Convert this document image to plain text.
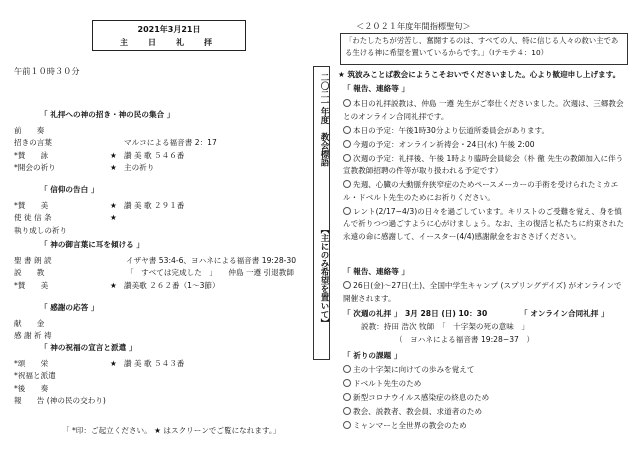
2021年3月21日
主　日　礼　拝
午前１０時３０分
「 礼拝への神の招き・神の民の集合 」
前　　奏
招きの言葉	マルコによる福音書 2：17
*賛　　詠	★ 讃 美 歌 ５４６番
*開会の祈り	★ 主の祈り
「 信仰の告白 」
*賛　　美	★ 讃 美 歌 ２９１番
使 徒 信 条	★
執り成しの祈り
「 神の御言葉に耳を傾ける 」
聖 書 朗 読	イザヤ書 53:4-6、ヨハネによる福音書 19:28-30
説　　教	「　すべては完成した　」　　仲島 一遵 引退教師
*賛　　美	★ 讃美歌 ２６２番（1〜3節）
「 感謝の応答 」
献　　金
感 謝 祈 祷
「 神の祝福の宣言と派遣 」
*頌　　栄	★ 讃 美 歌 ５４３番
*祝福と派遣
*後　　奏
報　　告 (神の民の交わり)
「 *印：ご起立ください。 ★ はスクリーンでご覧になれます。」
二〇二一年度　教会標語
【主にのみ希望を置いて】
＜２０２１年度年間指標聖句＞
「わたしたちが労苦し、奮闘するのは、すべての人、特に信じる人々の救い主である生ける神に希望を置いているからです。」（Ⅰテモテ４：10）
★ 筑波みことば教会にようこそおいでくださいました。心より歓迎申し上げます。
「 報告、連絡等 」
本日の礼拝説教は、仲島 一遵 先生がご奉仕くださいました。次週は、三郷教会とのオンライン合同礼拝です。
本日の予定：午後1時30分より伝道所委員会があります。
今週の予定：オンライン祈祷会・24日(水) 午後 2:00
次週の予定：礼拝後、午後 1時より臨時会員総会（朴 徹 先生の教師加入に伴う宣教教師招聘の件等が取り扱われる予定です）
先週、心臓の大動脈弁狭窄症のためペースメーカーの手術を受けられたミカエル・ドベルト先生のためにお祈りください。
レント(2/17−4/3)の日々を過ごしています。キリストのご受難を覚え、身を慎んで祈りつつ過ごすように心がけましょう。なお、主の復活と私たちに約束された永遠の命に感謝して、イースター(4/4)感謝献金をおささげください。
「 報告、連絡等 」
26日(金)〜27日(土)、全国中学生キャンプ (スプリングデイズ) がオンラインで開催されます。
「 次週の礼拝 」 3月 28日 (日) 10：30	「 オンライン合同礼拝 」
説教：持田 浩次 牧師　「　十字架の死の意味　」
（　ヨハネによる福音書 19:28−37　）
「 祈りの課題 」
主の十字架に向けての歩みを覚えて
ドベルト先生のため
新型コロナウイルス感染症の終息のため
教会、説教者、教会員、求道者のため
ミャンマーと全世界の教会のため
